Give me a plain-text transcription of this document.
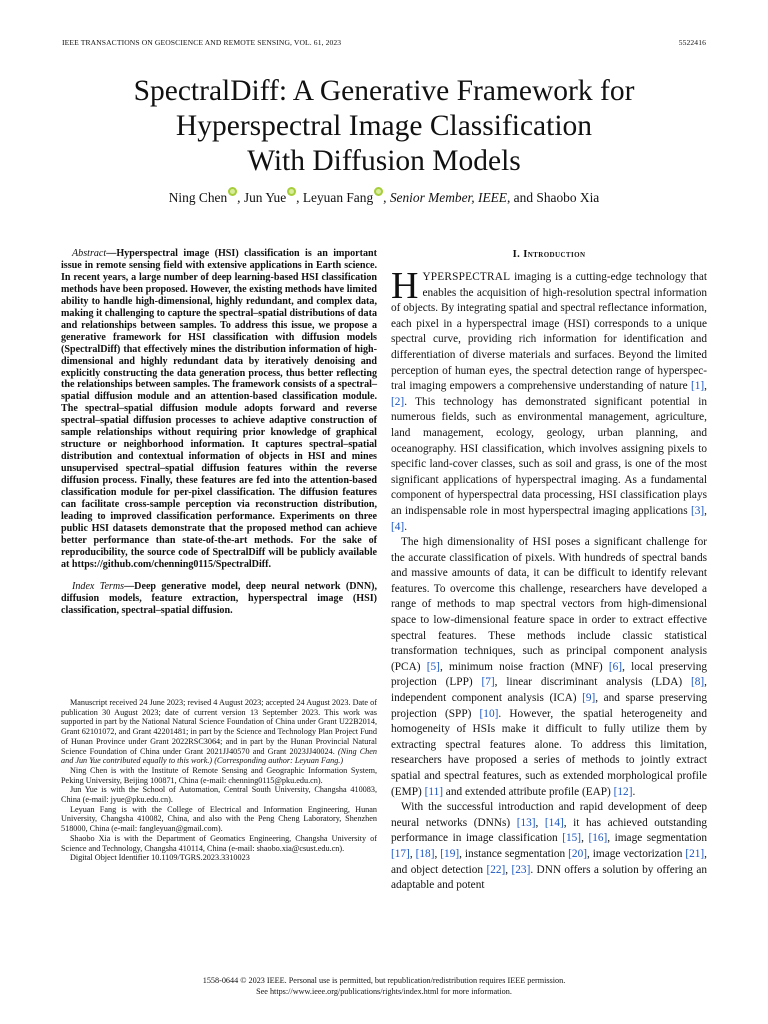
IEEE TRANSACTIONS ON GEOSCIENCE AND REMOTE SENSING, VOL. 61, 2023	5522416
SpectralDiff: A Generative Framework for
Hyperspectral Image Classification
With Diffusion Models
Ning Chen , Jun Yue , Leyuan Fang , Senior Member, IEEE, and Shaobo Xia

Abstract—Hyperspectral image (HSI) classification is an important issue in remote sensing field with extensive applications in Earth science. In recent years, a large number of deep learning-based HSI classification methods have been proposed. However, the existing methods have limited ability to handle high-dimensional, highly redundant, and complex data, making it challenging to capture the spectral–spatial distributions of data and relationships between samples. To address this issue, we propose a generative framework for HSI classification with diffusion models (SpectralDiff) that effectively mines the distribution information of high-dimensional and highly redundant data by iteratively denoising and explicitly constructing the data generation process, thus better reflecting the relationships between samples. The framework consists of a spectral–spatial diffusion module and an attention-based classification module. The spectral–spatial diffusion module adopts forward and reverse spectral–spatial diffusion processes to achieve adaptive construction of sample relationships without requiring prior knowledge of graphical structure or neighborhood information. It captures spectral–spatial distribution and contextual information of objects in HSI and mines unsupervised spectral–spatial diffusion features within the reverse diffusion process. Finally, these features are fed into the attention-based classification module for per-pixel classification. The diffusion features can facilitate cross-sample perception via reconstruction distribution, leading to improved classification performance. Experiments on three public HSI datasets demonstrate that the proposed method can achieve better performance than state-of-the-art methods. For the sake of reproducibility, the source code of SpectralDiff will be publicly available at https://github.com/chenning0115/SpectralDiff.

Index Terms—Deep generative model, deep neural network (DNN), diffusion models, feature extraction, hyperspectral image (HSI) classification, spectral–spatial diffusion.

Manuscript received 24 June 2023; revised 4 August 2023; accepted 24 August 2023. Date of publication 30 August 2023; date of current version 13 September 2023. This work was supported in part by the National Natural Science Foundation of China under Grant U22B2014, Grant 62101072, and Grant 42201481; in part by the Science and Technology Plan Project Fund of Hunan Province under Grant 2022RSC3064; and in part by the Hunan Provincial Natural Science Foundation of China under Grant 2021JJ40570 and Grant 2023JJ40024. (Ning Chen and Jun Yue contributed equally to this work.) (Corresponding author: Leyuan Fang.)

Ning Chen is with the Institute of Remote Sensing and Geographic Information System, Peking University, Beijing 100871, China (e-mail: chenning0115@pku.edu.cn).

Jun Yue is with the School of Automation, Central South University, Changsha 410083, China (e-mail: jyue@pku.edu.cn).

Leyuan Fang is with the College of Electrical and Information Engineering, Hunan University, Changsha 410082, China, and also with the Peng Cheng Laboratory, Shenzhen 518000, China (e-mail: fangleyuan@gmail.com).

Shaobo Xia is with the Department of Geomatics Engineering, Changsha University of Science and Technology, Changsha 410114, China (e-mail: shaobo.xia@csust.edu.cn).

Digital Object Identifier 10.1109/TGRS.2023.3310023

I. Introduction

HYPERSPECTRAL imaging is a cutting-edge technology that enables the acquisition of high-resolution spectral information of objects. By integrating spatial and spectral reflectance information, each pixel in a hyperspectral image (HSI) corresponds to a unique spectral curve, providing rich information for identification and differentiation of diverse materials and surfaces. Beyond the limited perception of human eyes, the spectral detection range of hyperspectral imaging empowers a comprehensive understanding of nature [1], [2]. This technology has demonstrated significant potential in numerous fields, such as environmental management, agriculture, land management, ecology, geology, urban planning, and oceanography. HSI classification, which involves assigning pixels to specific land-cover classes, such as soil and grass, is one of the most significant applications of hyperspectral imaging. As a fundamental component of hyperspectral data processing, HSI classification plays an indispensable role in most hyperspectral imaging applications [3], [4].

The high dimensionality of HSI poses a significant challenge for the accurate classification of pixels. With hundreds of spectral bands and massive amounts of data, it can be difficult to identify relevant features. To overcome this challenge, researchers have developed a range of methods to map spectral vectors from high-dimensional space to low-dimensional feature space in order to extract effective spectral features. These methods include classic statistical transformation techniques, such as principal component analysis (PCA) [5], minimum noise fraction (MNF) [6], local preserving projection (LPP) [7], linear discriminant analysis (LDA) [8], independent component analysis (ICA) [9], and sparse preserving projection (SPP) [10]. However, the spatial heterogeneity and homogeneity of HSIs make it difficult to fully utilize them by extracting spectral features alone. To address this limitation, researchers have proposed a series of methods to jointly extract spatial and spectral features, such as extended morphological profile (EMP) [11] and extended attribute profile (EAP) [12].

With the successful introduction and rapid development of deep neural networks (DNNs) [13], [14], it has achieved outstanding performance in image classification [15], [16], image segmentation [17], [18], [19], instance segmentation [20], image vectorization [21], and object detection [22], [23]. DNN offers a solution by offering an adaptable and potent

1558-0644 © 2023 IEEE. Personal use is permitted, but republication/redistribution requires IEEE permission.
See https://www.ieee.org/publications/rights/index.html for more information.
